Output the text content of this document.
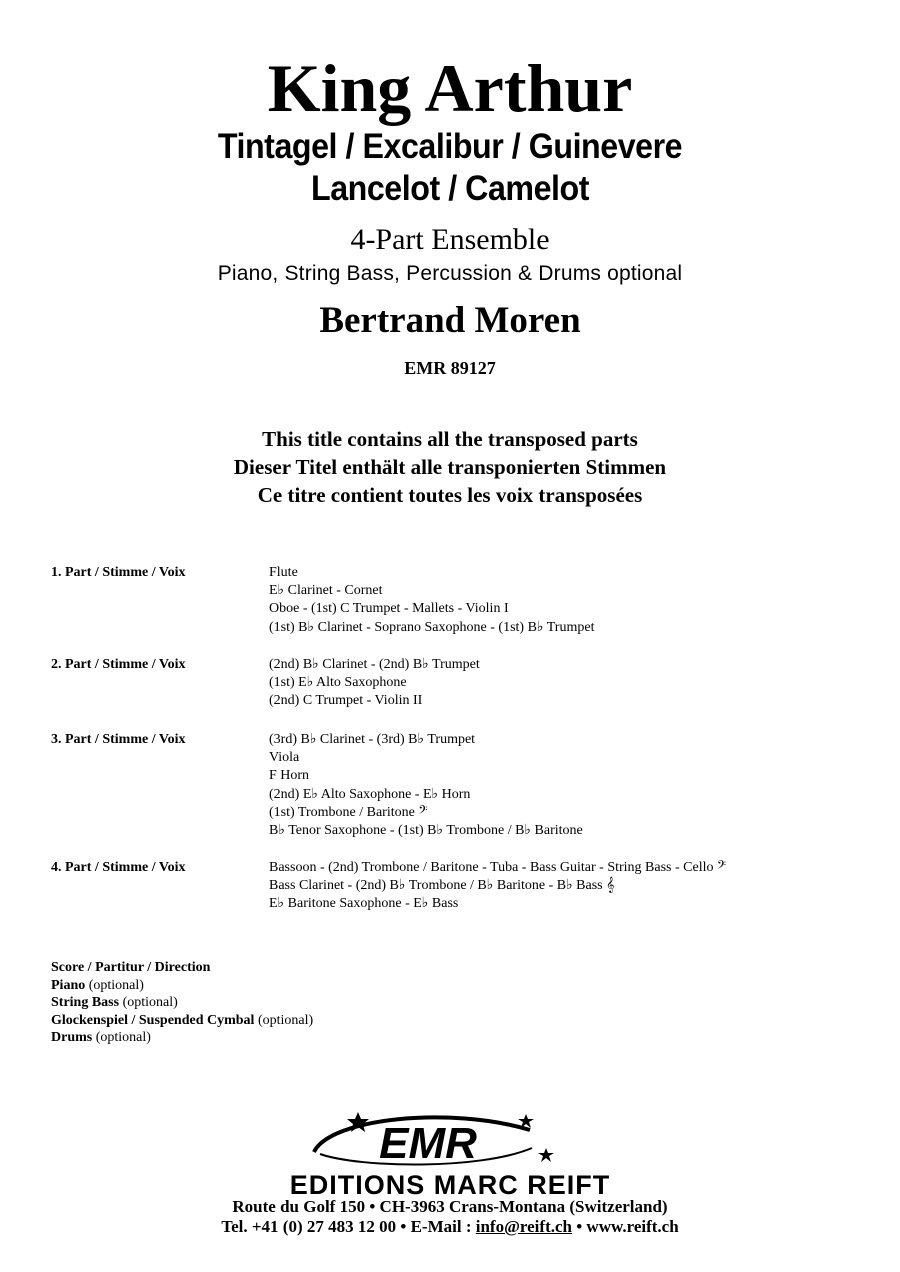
King Arthur
Tintagel / Excalibur / Guinevere
Lancelot / Camelot
4-Part Ensemble
Piano, String Bass, Percussion & Drums optional
Bertrand Moren
EMR 89127
This title contains all the transposed parts
Dieser Titel enthält alle transponierten Stimmen
Ce titre contient toutes les voix transposées
1. Part / Stimme / Voix	Flute
E♭ Clarinet - Cornet
Oboe - (1st) C Trumpet - Mallets - Violin I
(1st) B♭ Clarinet - Soprano Saxophone - (1st) B♭ Trumpet
2. Part / Stimme / Voix	(2nd) B♭ Clarinet - (2nd) B♭ Trumpet
(1st) E♭ Alto Saxophone
(2nd) C Trumpet - Violin II
3. Part / Stimme / Voix	(3rd) B♭ Clarinet - (3rd) B♭ Trumpet
Viola
F Horn
(2nd) E♭ Alto Saxophone - E♭ Horn
(1st) Trombone / Baritone 𝄢
B♭ Tenor Saxophone - (1st) B♭ Trombone / B♭ Baritone
4. Part / Stimme / Voix	Bassoon - (2nd) Trombone / Baritone - Tuba - Bass Guitar - String Bass - Cello 𝄢
Bass Clarinet - (2nd) B♭ Trombone / B♭ Baritone - B♭ Bass 𝄞
E♭ Baritone Saxophone - E♭ Bass
Score / Partitur / Direction
Piano (optional)
String Bass (optional)
Glockenspiel / Suspended Cymbal (optional)
Drums (optional)
EMR
EDITIONS MARC REIFT
Route du Golf 150 • CH-3963 Crans-Montana (Switzerland)
Tel. +41 (0) 27 483 12 00 • E-Mail : info@reift.ch • www.reift.ch
